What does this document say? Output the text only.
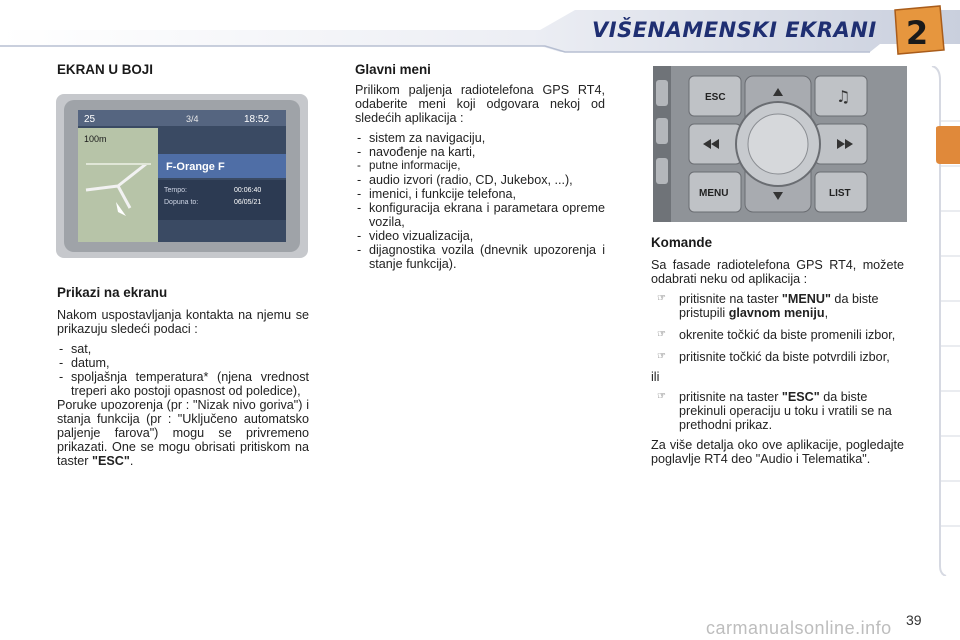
VIŠENAMENSKI EKRANI 2
EKRAN U BOJI
25	3/4	18:52
100m
F-Orange F
Tempo:	00:06:40
Dopuna to:	06/05/21
Prikazi na ekranu

Nakom uspostavljanja kontakta na njemu se prikazuju sledeći podaci :

- sat,
- datum,
- spoljašnja temperatura* (njena vrednost treperi ako postoji opasnost od poledice),

Poruke upozorenja (pr : "Nizak nivo goriva") i stanja funkcija (pr : "Uključeno automatsko paljenje farova") mogu se privremeno prikazati. One se mogu obrisati pritiskom na taster "ESC".

Glavni meni

Prilikom paljenja radiotelefona GPS RT4, odaberite meni koji odgovara nekoj od sledećih aplikacija :

- sistem za navigaciju,
- navođenje na karti,
- putne informacije,
- audio izvori (radio, CD, Jukebox, ...),
- imenici, i funkcije telefona,
- konfiguracija ekrana i parametara opreme vozila,
- video vizualizacija,
- dijagnostika vozila (dnevnik upozorenja i stanje funkcija).
♫
ESC
MENU	LIST
Komande

Sa fasade radiotelefona GPS RT4, možete odabrati neku od aplikacija :

☞ pritisnite na taster "MENU" da biste pristupili glavnom meniju,
☞ okrenite točkić da biste promenili izbor,
☞ pritisnite točkić da biste potvrdili izbor,

ili

☞ pritisnite na taster "ESC" da biste prekinuli operaciju u toku i vratili se na prethodni prikaz.

Za više detalja oko ove aplikacije, pogledajte poglavlje RT4 deo "Audio i Telematika".

carmanualsonline.info 39
